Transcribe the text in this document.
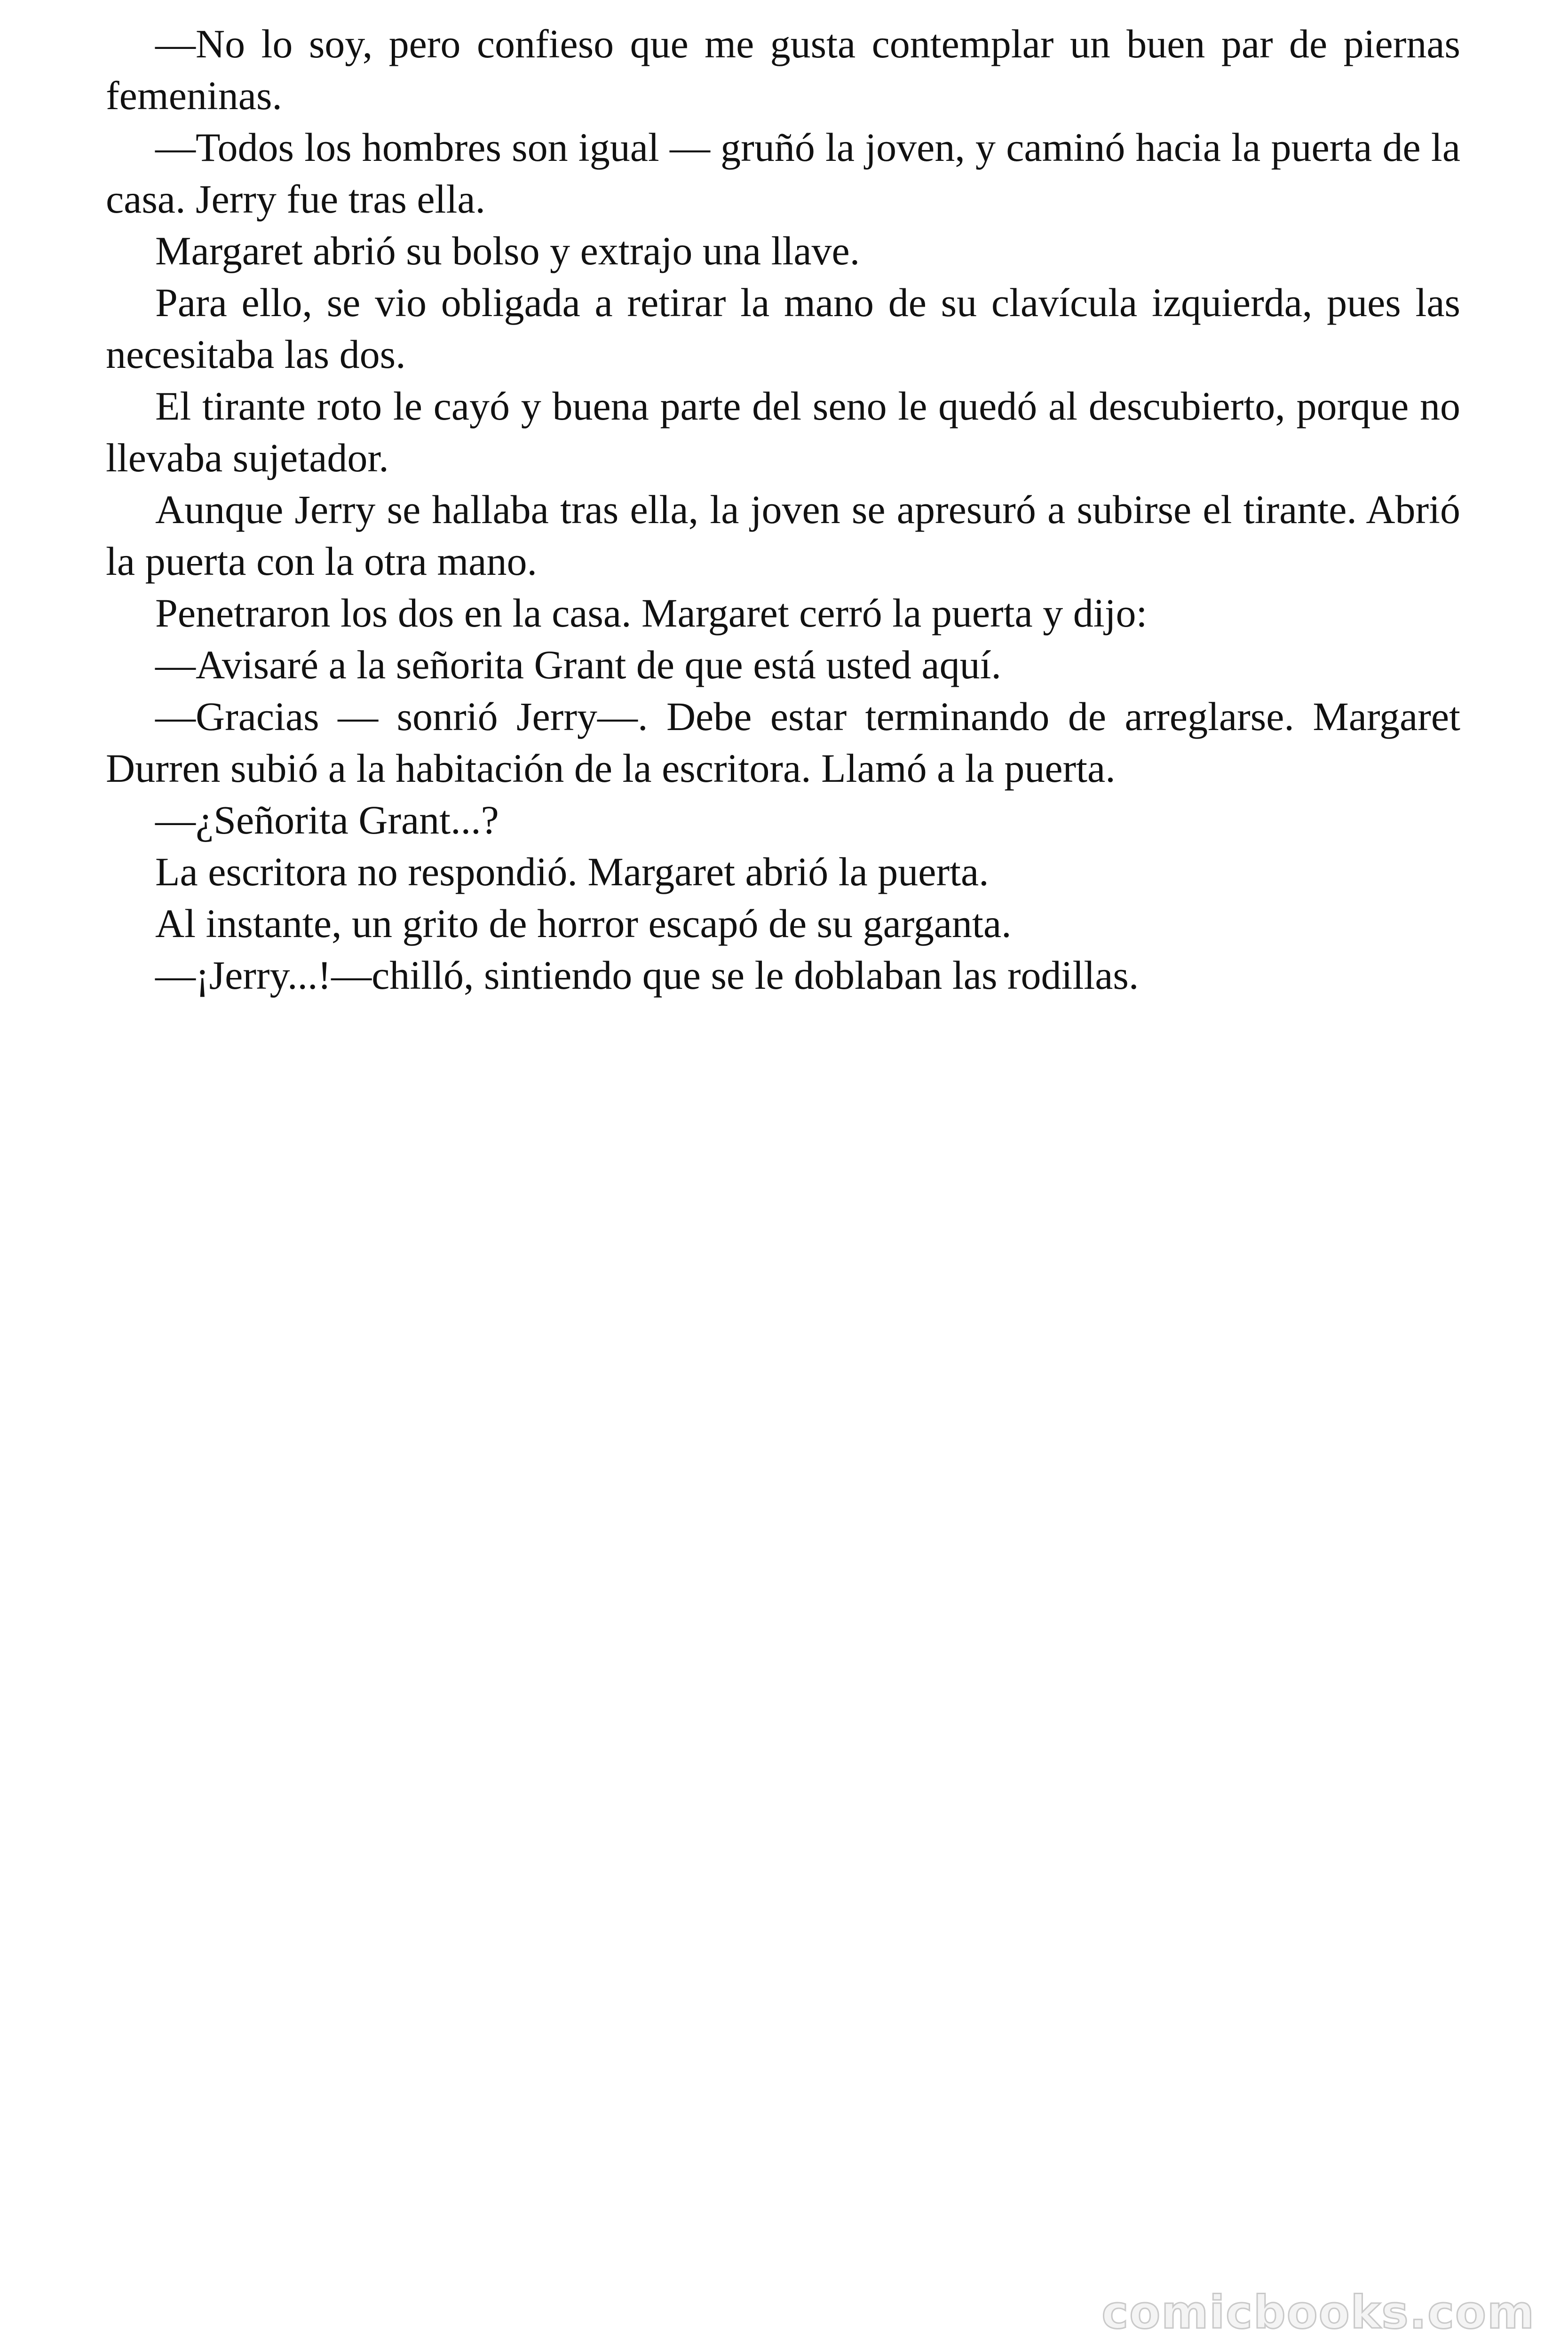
—No lo soy, pero confieso que me gusta contemplar un buen par de piernas femeninas.

—Todos los hombres son igual — gruñó la joven, y caminó hacia la puerta de la casa. Jerry fue tras ella.

Margaret abrió su bolso y extrajo una llave.

Para ello, se vio obligada a retirar la mano de su clavícula izquierda, pues las necesitaba las dos.

El tirante roto le cayó y buena parte del seno le quedó al descubierto, porque no llevaba sujetador.

Aunque Jerry se hallaba tras ella, la joven se apresuró a subirse el tirante. Abrió la puerta con la otra mano.

Penetraron los dos en la casa. Margaret cerró la puerta y dijo:

—Avisaré a la señorita Grant de que está usted aquí.

—Gracias — sonrió Jerry—. Debe estar terminando de arreglarse. Margaret Durren subió a la habitación de la escritora. Llamó a la puerta.

—¿Señorita Grant...?

La escritora no respondió. Margaret abrió la puerta.

Al instante, un grito de horror escapó de su garganta.

—¡Jerry...!—chilló, sintiendo que se le doblaban las rodillas.

comicbooks.com
